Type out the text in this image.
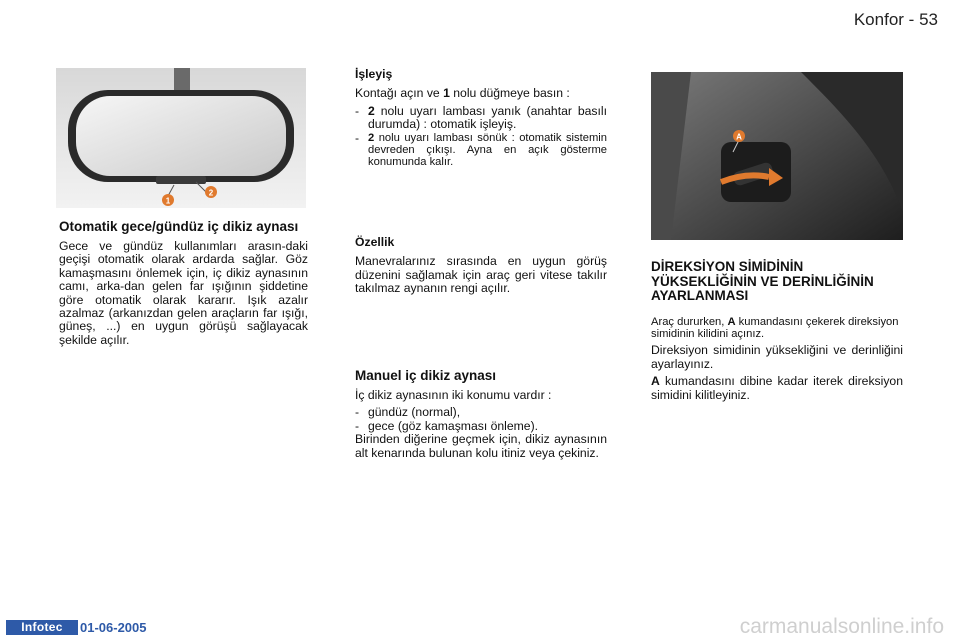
Konfor - 53
1
2

Otomatik gece/gündüz iç dikiz aynası

Gece ve gündüz kullanımları arasın-daki geçişi otomatik olarak ardarda sağlar. Göz kamaşmasını önlemek için, iç dikiz aynasının camı, arka-dan gelen far ışığının şiddetine göre otomatik olarak kararır. Işık azalır azalmaz (arkanızdan gelen araçların far ışığı, güneş, ...) en uygun görüşü sağlayacak şekilde açılır.

İşleyiş

Kontağı açın ve 1 nolu düğmeye basın :

- 2 nolu uyarı lambası yanık (anahtar basılı durumda) : otomatik işleyiş.
- 2 nolu uyarı lambası sönük : otomatik sistemin devreden çıkışı. Ayna en açık gösterme konumunda kalır.

Özellik

Manevralarınız sırasında en uygun görüş düzenini sağlamak için araç geri vitese takılır takılmaz aynanın rengi açılır.

Manuel iç dikiz aynası

İç dikiz aynasının iki konumu vardır :

- gündüz (normal),
- gece (göz kamaşması önleme).

Birinden diğerine geçmek için, dikiz aynasının alt kenarında bulunan kolu itiniz veya çekiniz.

A

DİREKSİYON SİMİDİNİN YÜKSEKLİĞİNİN VE DERİNLİĞİNİN AYARLANMASI

Araç dururken, A kumandasını çekerek direksiyon simidinin kilidini açınız.

Direksiyon simidinin yüksekliğini ve derinliğini ayarlayınız.

A kumandasını dibine kadar iterek direksiyon simidini kilitleyiniz.

Infotec	01-06-2005	carmanualsonline.info
